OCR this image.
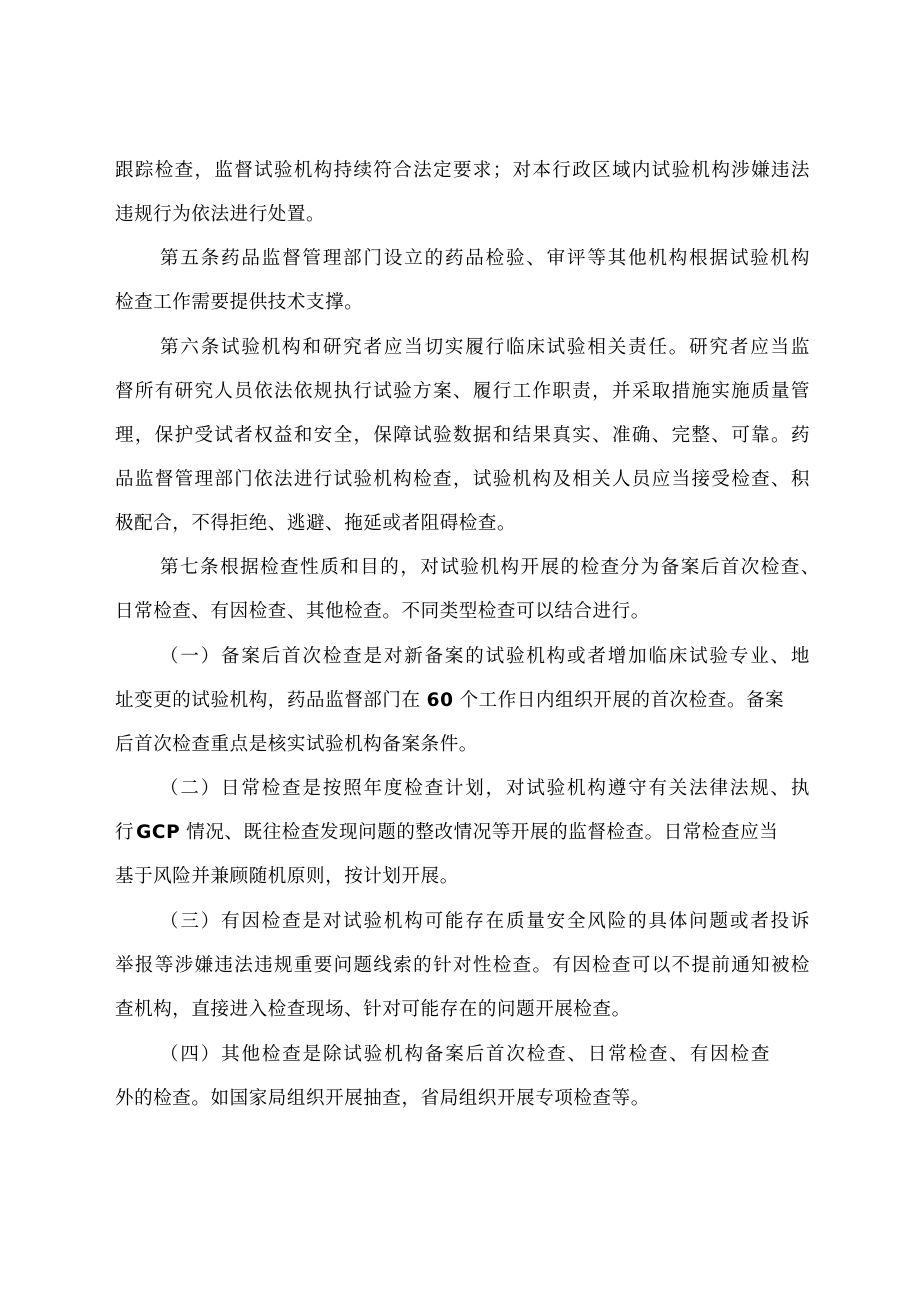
跟踪检查，监督试验机构持续符合法定要求；对本行政区域内试验机构涉嫌违法
违规行为依法进行处置。
第五条药品监督管理部门设立的药品检验、审评等其他机构根据试验机构
检查工作需要提供技术支撑。
第六条试验机构和研究者应当切实履行临床试验相关责任。研究者应当监
督所有研究人员依法依规执行试验方案、履行工作职责，并采取措施实施质量管
理，保护受试者权益和安全，保障试验数据和结果真实、准确、完整、可靠。药
品监督管理部门依法进行试验机构检查，试验机构及相关人员应当接受检查、积
极配合，不得拒绝、逃避、拖延或者阻碍检查。
第七条根据检查性质和目的，对试验机构开展的检查分为备案后首次检查、
日常检查、有因检查、其他检查。不同类型检查可以结合进行。
（一）备案后首次检查是对新备案的试验机构或者增加临床试验专业、地
址变更的试验机构，药品监督部门在 60 个工作日内组织开展的首次检查。备案
后首次检查重点是核实试验机构备案条件。
（二）日常检查是按照年度检查计划，对试验机构遵守有关法律法规、执
行 GCP 情况、既往检查发现问题的整改情况等开展的监督检查。日常检查应当
基于风险并兼顾随机原则，按计划开展。
（三）有因检查是对试验机构可能存在质量安全风险的具体问题或者投诉
举报等涉嫌违法违规重要问题线索的针对性检查。有因检查可以不提前通知被检
查机构，直接进入检查现场、针对可能存在的问题开展检查。
（四）其他检查是除试验机构备案后首次检查、日常检查、有因检查
外的检查。如国家局组织开展抽查，省局组织开展专项检查等。
